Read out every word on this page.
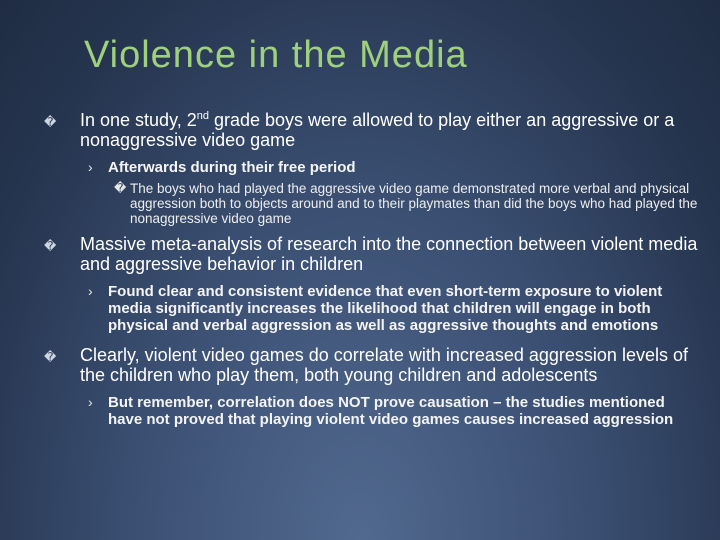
Violence in the Media
� In one study, 2nd grade boys were allowed to play either an aggressive or a nonaggressive video game
› Afterwards during their free period
� The boys who had played the aggressive video game demonstrated more verbal and physical aggression both to objects around and to their playmates than did the boys who had played the nonaggressive video game
� Massive meta-analysis of research into the connection between violent media and aggressive behavior in children
› Found clear and consistent evidence that even short-term exposure to violent media significantly increases the likelihood that children will engage in both physical and verbal aggression as well as aggressive thoughts and emotions
� Clearly, violent video games do correlate with increased aggression levels of the children who play them, both young children and adolescents
› But remember, correlation does NOT prove causation – the studies mentioned have not proved that playing violent video games causes increased aggression
